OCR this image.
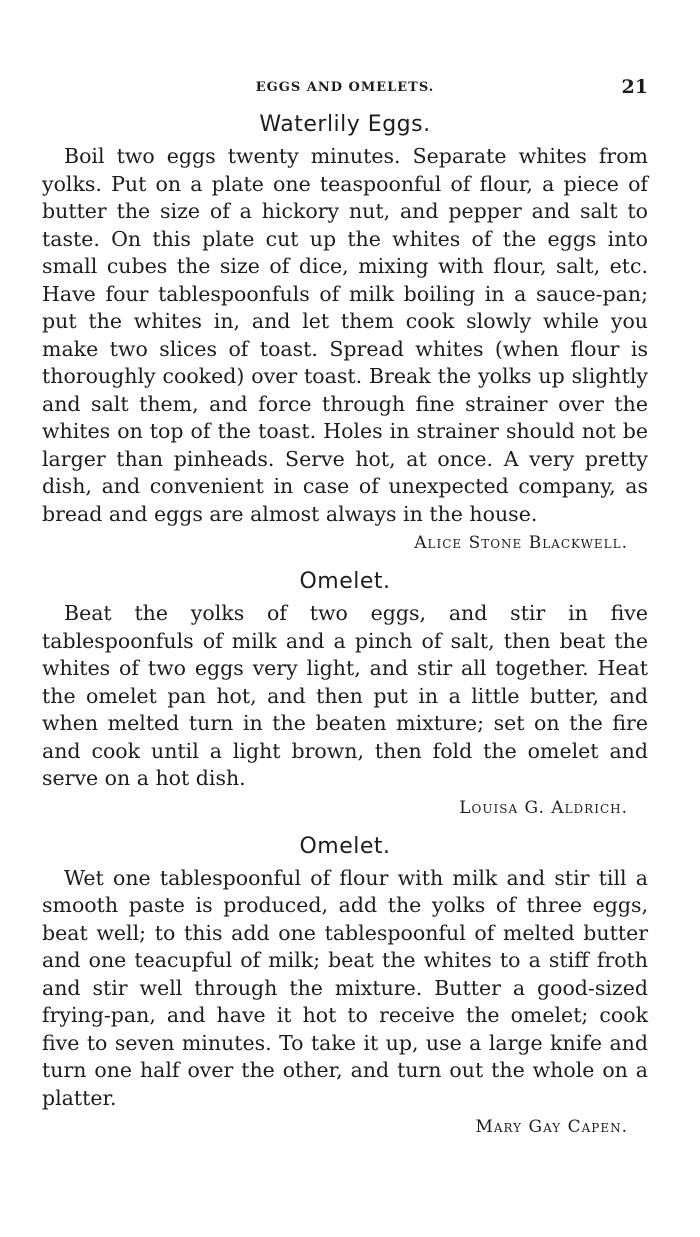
EGGS AND OMELETS.	21
Waterlily Eggs.

Boil two eggs twenty minutes. Separate whites from yolks. Put on a plate one teaspoonful of flour, a piece of butter the size of a hickory nut, and pepper and salt to taste. On this plate cut up the whites of the eggs into small cubes the size of dice, mixing with flour, salt, etc. Have four tablespoonfuls of milk boiling in a sauce-pan; put the whites in, and let them cook slowly while you make two slices of toast. Spread whites (when flour is thoroughly cooked) over toast. Break the yolks up slightly and salt them, and force through fine strainer over the whites on top of the toast. Holes in strainer should not be larger than pinheads. Serve hot, at once. A very pretty dish, and convenient in case of unexpected company, as bread and eggs are almost always in the house.

Alice Stone Blackwell.
Omelet.

Beat the yolks of two eggs, and stir in five tablespoonfuls of milk and a pinch of salt, then beat the whites of two eggs very light, and stir all together. Heat the omelet pan hot, and then put in a little butter, and when melted turn in the beaten mixture; set on the fire and cook until a light brown, then fold the omelet and serve on a hot dish.

Louisa G. Aldrich.
Omelet.

Wet one tablespoonful of flour with milk and stir till a smooth paste is produced, add the yolks of three eggs, beat well; to this add one tablespoonful of melted butter and one teacupful of milk; beat the whites to a stiff froth and stir well through the mixture. Butter a good-sized frying-pan, and have it hot to receive the omelet; cook five to seven minutes. To take it up, use a large knife and turn one half over the other, and turn out the whole on a platter.

Mary Gay Capen.
